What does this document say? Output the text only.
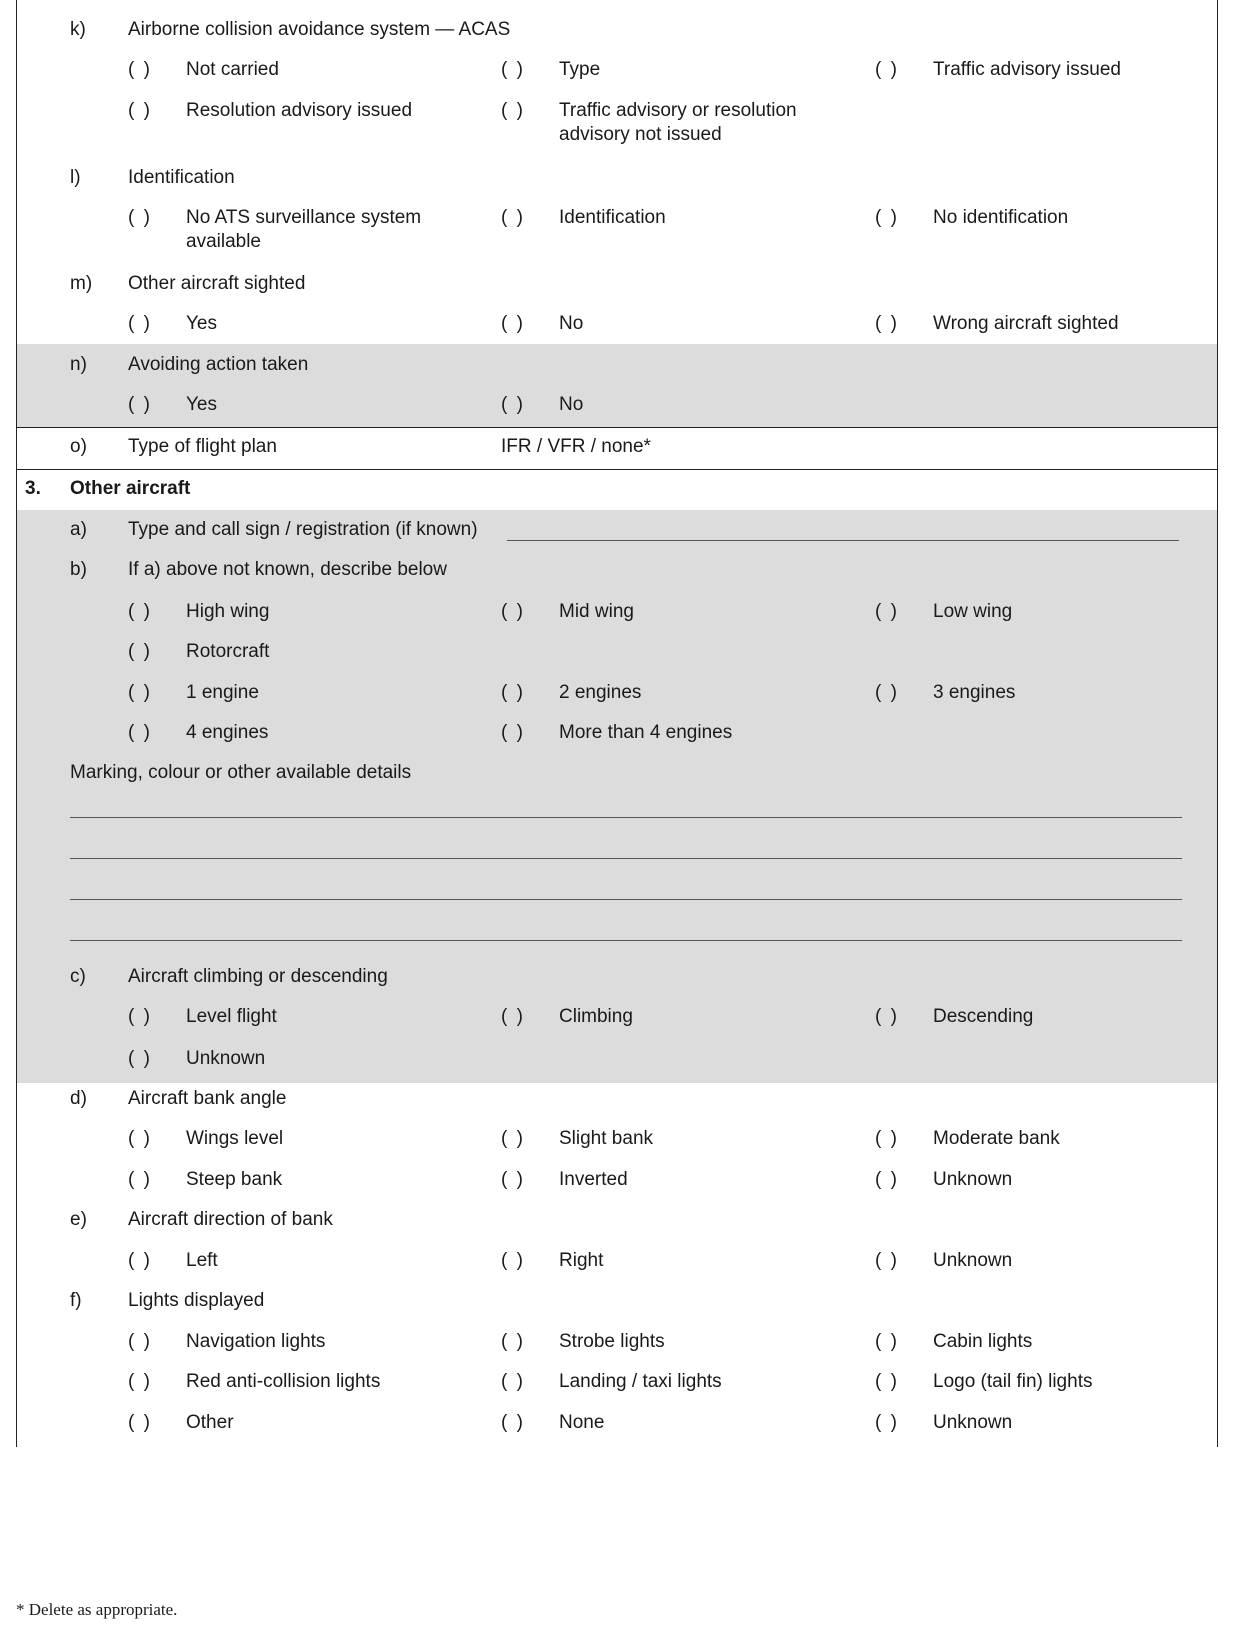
k) Airborne collision avoidance system — ACAS
( ) Not carried	( ) Type	( ) Traffic advisory issued
( ) Resolution advisory issued	( ) Traffic advisory or resolution advisory not issued
l) Identification
( ) No ATS surveillance system available
( ) Identification	( ) No identification
m) Other aircraft sighted
( ) Yes	( ) No	( ) Wrong aircraft sighted
n) Avoiding action taken
( ) Yes	( ) No
o) Type of flight plan	IFR / VFR / none*
3. Other aircraft
a) Type and call sign / registration (if known)
b) If a) above not known, describe below
( ) High wing	( ) Mid wing	( ) Low wing
( ) Rotorcraft
( ) 1 engine	( ) 2 engines	( ) 3 engines
( ) 4 engines	( ) More than 4 engines
Marking, colour or other available details
c) Aircraft climbing or descending
( ) Level flight	( ) Climbing	( ) Descending
( ) Unknown
d) Aircraft bank angle
( ) Wings level	( ) Slight bank	( ) Moderate bank
( ) Steep bank	( ) Inverted	( ) Unknown
e) Aircraft direction of bank
( ) Left	( ) Right	( ) Unknown
f) Lights displayed
( ) Navigation lights	( ) Strobe lights	( ) Cabin lights
( ) Red anti-collision lights	( ) Landing / taxi lights	( ) Logo (tail fin) lights
( ) Other	( ) None	( ) Unknown
* Delete as appropriate.
